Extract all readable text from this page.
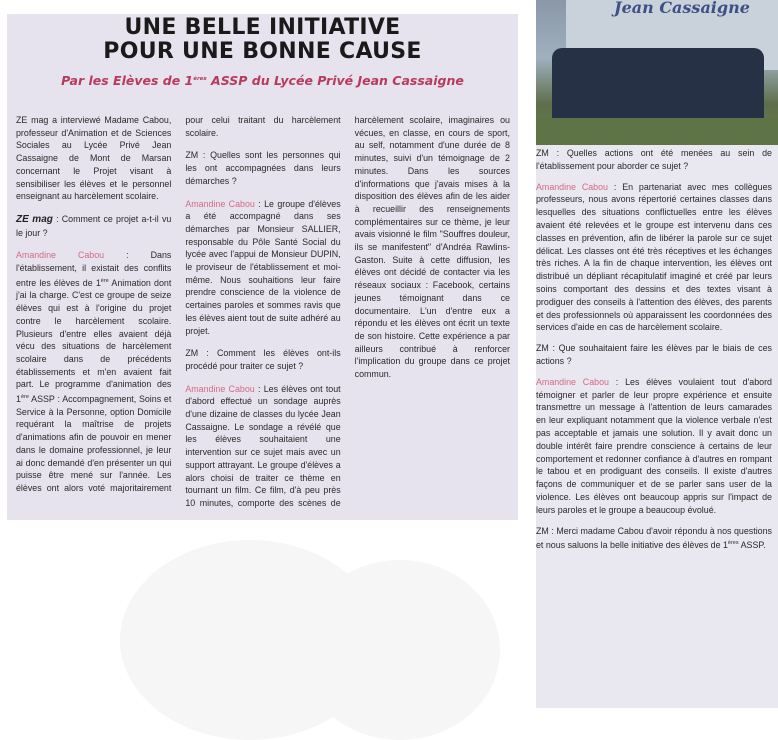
UNE BELLE INITIATIVE
POUR UNE BONNE CAUSE
Par les Elèves de 1ères ASSP du Lycée Privé Jean Cassaigne

ZE mag a interviewé Madame Cabou, professeur d'Animation et de Sciences Sociales au Lycée Privé Jean Cassaigne de Mont de Marsan concernant le Projet visant à sensibiliser les élèves et le personnel enseignant au harcèlement scolaire.

ZE mag : Comment ce projet a-t-il vu le jour ?

Amandine Cabou : Dans l'établissement, il existait des conflits entre les élèves de 1ère Animation dont j'ai la charge. C'est ce groupe de seize élèves qui est à l'origine du projet contre le harcèlement scolaire. Plusieurs d'entre elles avaient déjà vécu des situations de harcèlement scolaire dans de précédents établissements et m'en avaient fait part. Le programme d'animation des 1ère ASSP : Accompagnement, Soins et Service à la Personne, option Domicile requérant la maîtrise de projets d'animations afin de pouvoir en mener dans le domaine professionnel, je leur ai donc demandé d'en présenter un qui puisse être mené sur l'année. Les élèves ont alors voté majoritairement pour celui traitant du harcèlement scolaire.

ZM : Quelles sont les personnes qui les ont accompagnées dans leurs démarches ?

Amandine Cabou : Le groupe d'élèves a été accompagné dans ses démarches par Monsieur SALLIER, responsable du Pôle Santé Social du lycée avec l'appui de Monsieur DUPIN, le proviseur de l'établissement et moi-même. Nous souhaitions leur faire prendre conscience de la violence de certaines paroles et sommes ravis que les élèves aient tout de suite adhéré au projet.

ZM : Comment les élèves ont-ils procédé pour traiter ce sujet ?

Amandine Cabou : Les élèves ont tout d'abord effectué un sondage auprès d'une dizaine de classes du lycée Jean Cassaigne. Le sondage a révélé que les élèves souhaitaient une intervention sur ce sujet mais avec un support attrayant. Le groupe d'élèves a alors choisi de traiter ce thème en tournant un film. Ce film, d'à peu près 10 minutes, comporte des scènes de harcèlement scolaire, imaginaires ou vécues, en classe, en cours de sport, au self, notamment d'une durée de 8 minutes, suivi d'un témoignage de 2 minutes. Dans les sources d'informations que j'avais mises à la disposition des élèves afin de les aider à recueillir des renseignements complémentaires sur ce thème, je leur avais visionné le film "Souffres douleur, ils se manifestent" d'Andréa Rawlins-Gaston. Suite à cette diffusion, les élèves ont décidé de contacter via les réseaux sociaux : Facebook, certains jeunes témoignant dans ce documentaire. L'un d'entre eux a répondu et les élèves ont écrit un texte de son histoire. Cette expérience a par ailleurs contribué à renforcer l'implication du groupe dans ce projet commun.

Jean Cassaigne

ZM : Quelles actions ont été menées au sein de l'établissement pour aborder ce sujet ?

Amandine Cabou : En partenariat avec mes collègues professeurs, nous avons répertorié certaines classes dans lesquelles des situations conflictuelles entre les élèves avaient été relevées et le groupe est intervenu dans ces classes en prévention, afin de libérer la parole sur ce sujet délicat. Les classes ont été très réceptives et les échanges très riches. A la fin de chaque intervention, les élèves ont distribué un dépliant récapitulatif imaginé et créé par leurs soins comportant des dessins et des textes visant à prodiguer des conseils à l'attention des élèves, des parents et des professionnels où apparaissent les coordonnées des services d'aide en cas de harcèlement scolaire.

ZM : Que souhaitaient faire les élèves par le biais de ces actions ?

Amandine Cabou : Les élèves voulaient tout d'abord témoigner et parler de leur propre expérience et ensuite transmettre un message à l'attention de leurs camarades en leur expliquant notamment que la violence verbale n'est pas acceptable et jamais une solution. Il y avait donc un double intérêt faire prendre conscience à certains de leur comportement et redonner confiance à d'autres en rompant le tabou et en prodiguant des conseils. Il existe d'autres façons de communiquer et de se parler sans user de la violence. Les élèves ont beaucoup appris sur l'impact de leurs paroles et le groupe a beaucoup évolué.

ZM : Merci madame Cabou d'avoir répondu à nos questions et nous saluons la belle initiative des élèves de 1ères ASSP.
